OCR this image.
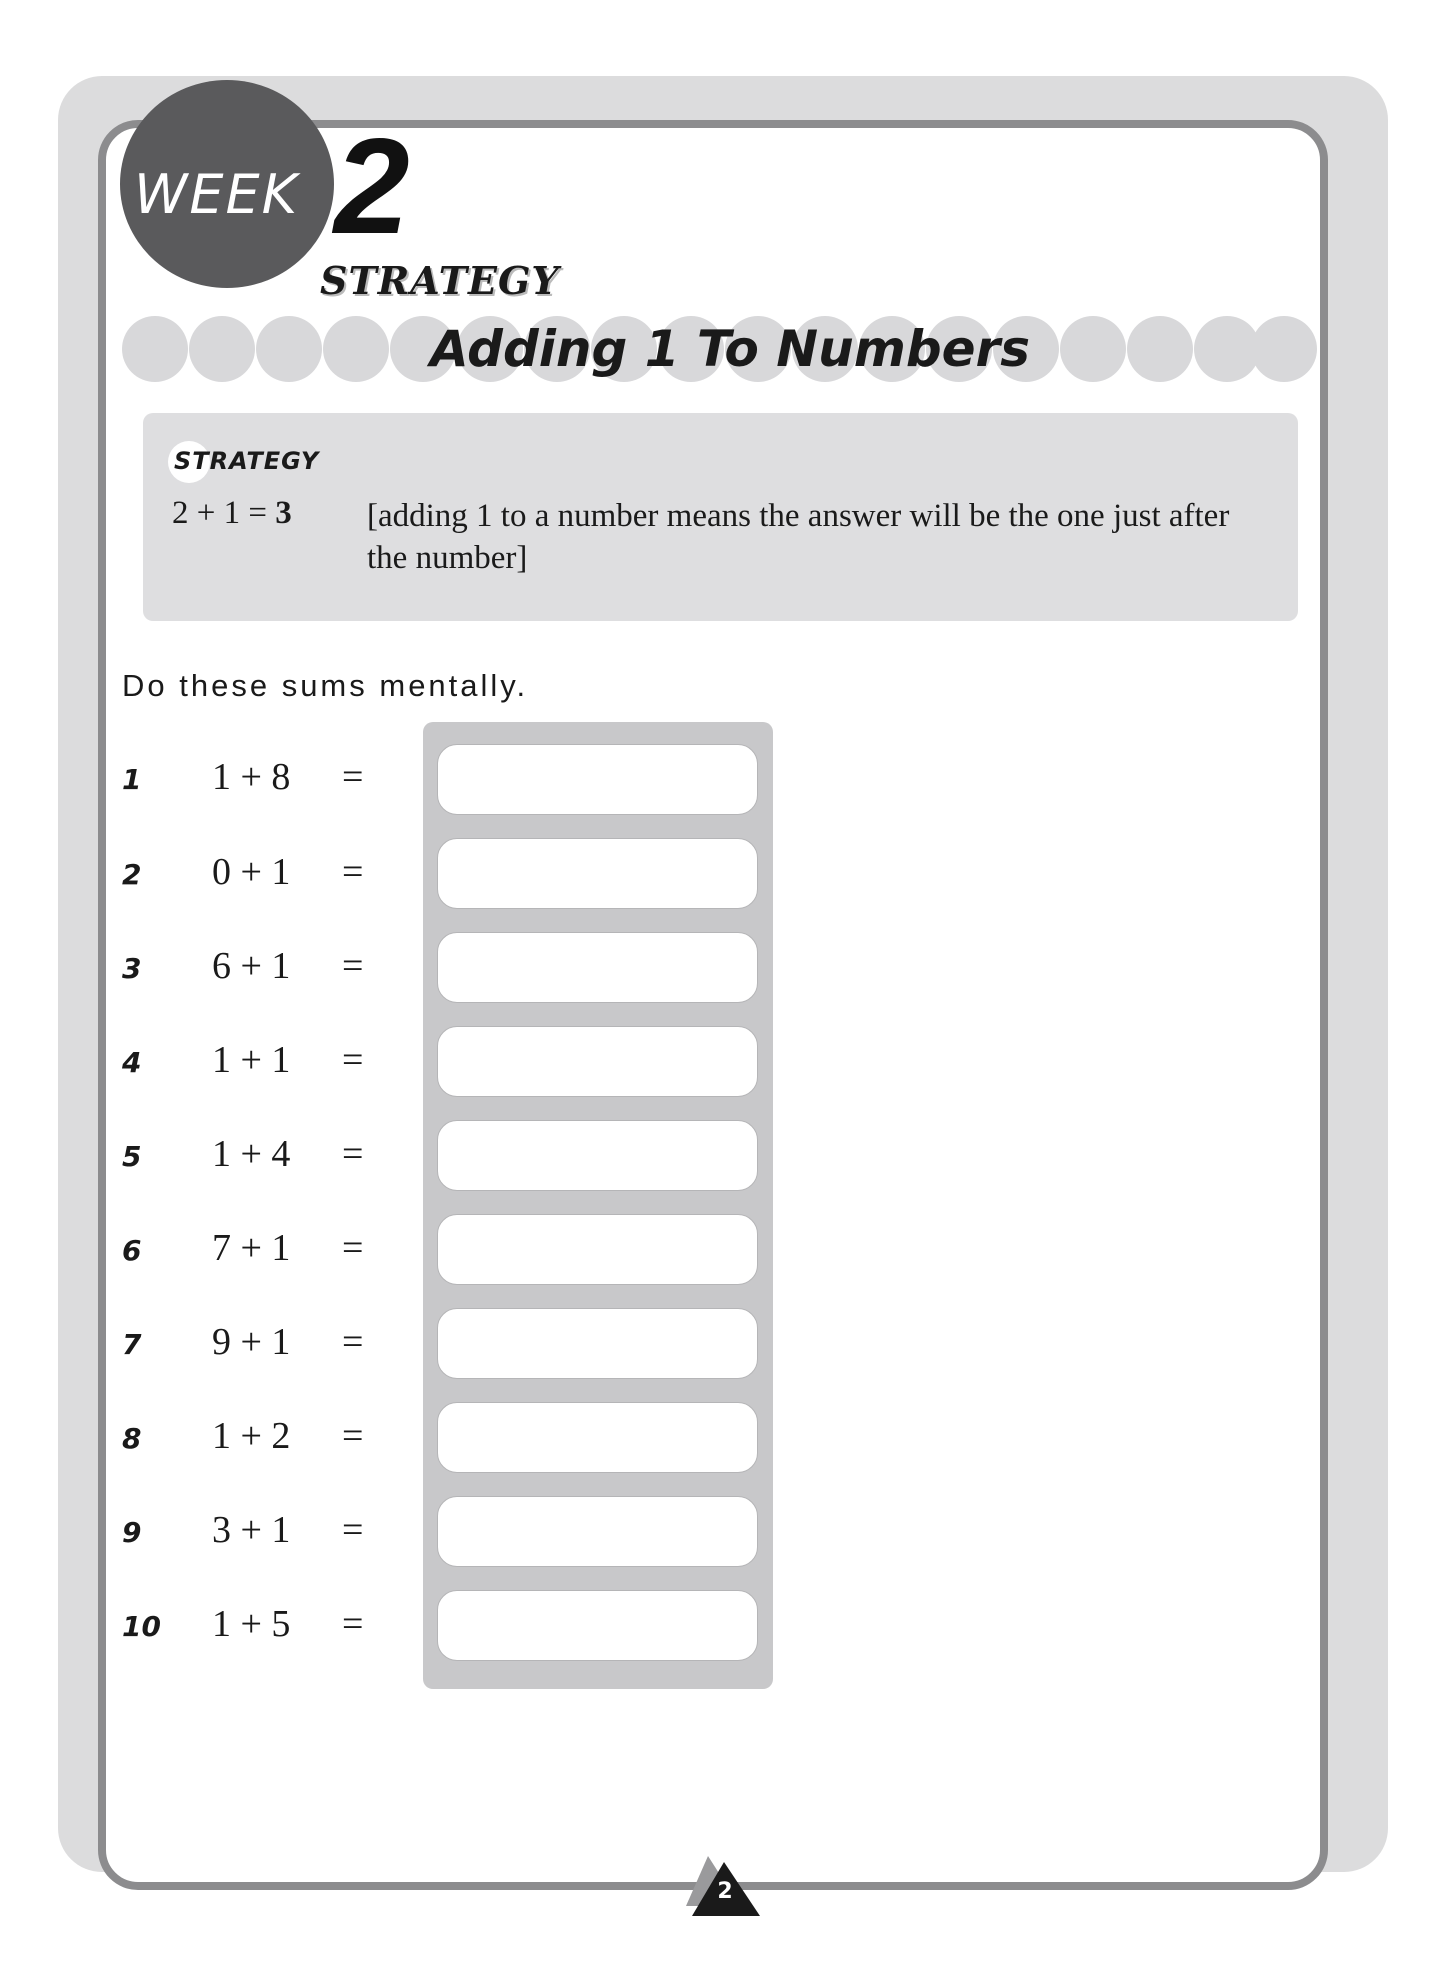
WEEK 2
STRATEGY
Adding 1 To Numbers
STRATEGY
2 + 1 = 3 [adding 1 to a number means the answer will be the one just after the number]
Do these sums mentally.
1 1 + 8 =
2 0 + 1 =
3 6 + 1 =
4 1 + 1 =
5 1 + 4 =
6 7 + 1 =
7 9 + 1 =
8 1 + 2 =
9 3 + 1 =
10 1 + 5 =
2
